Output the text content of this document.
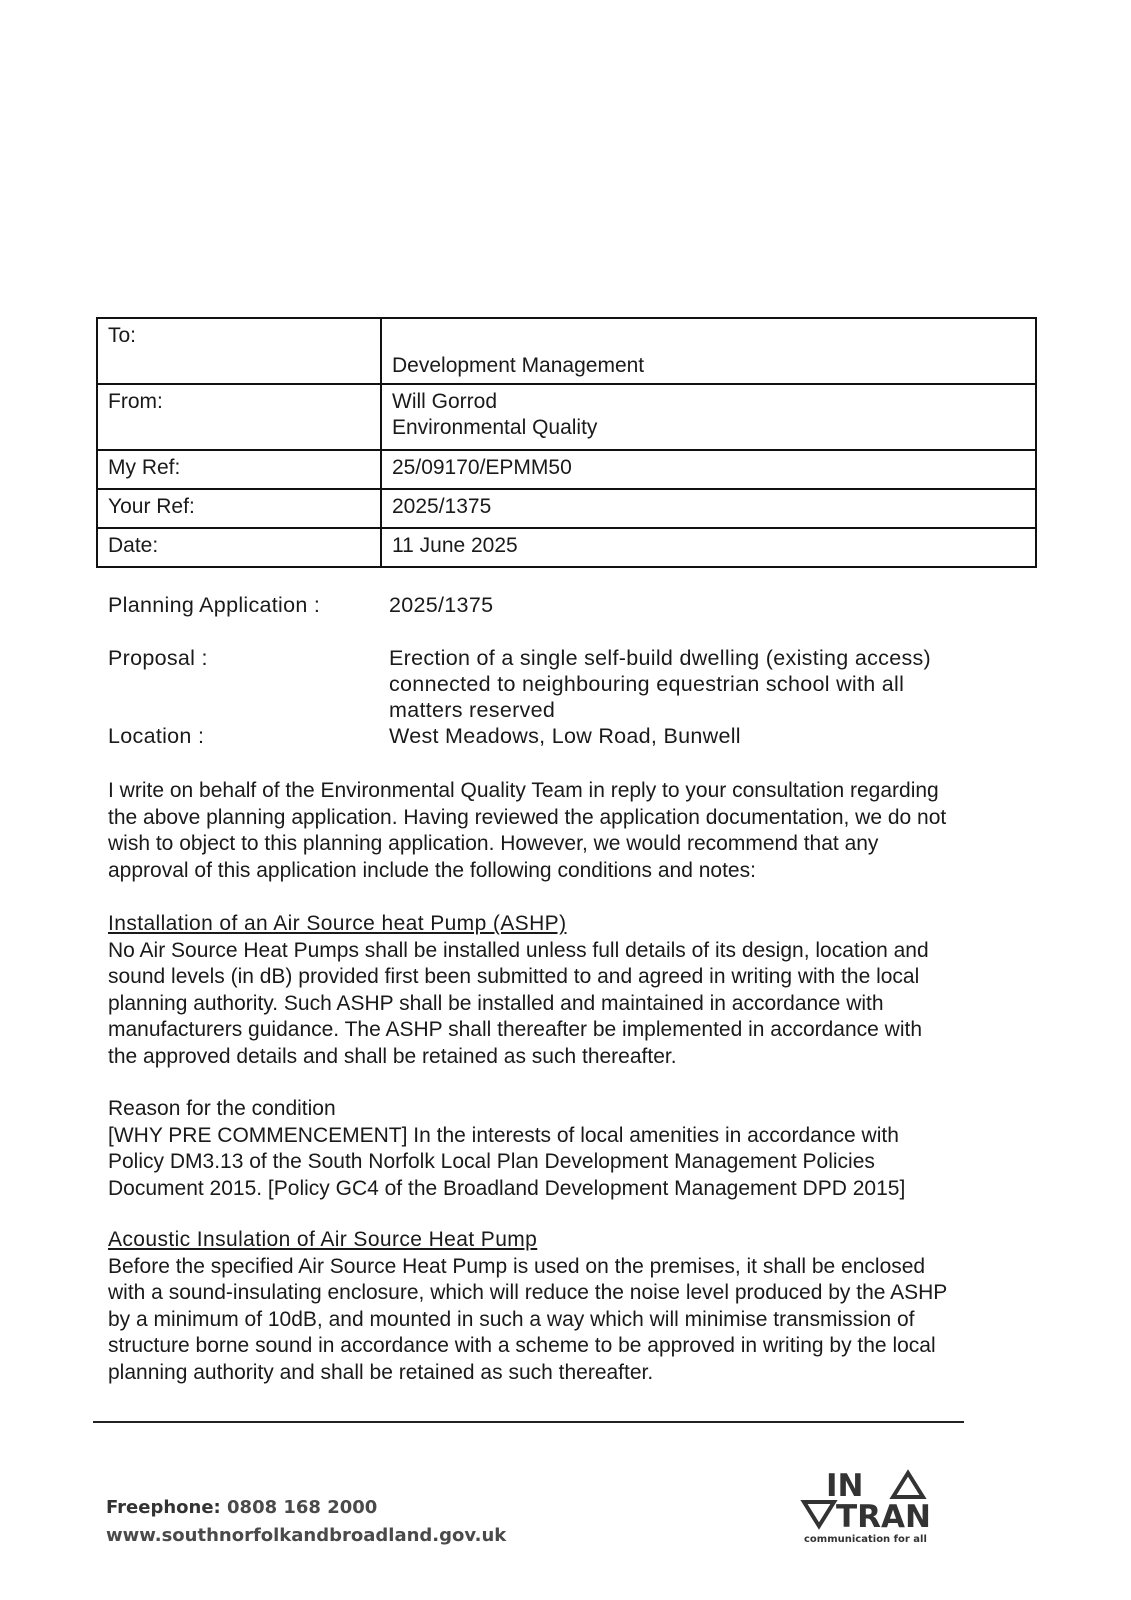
To:	Development Management
From:	Will Gorrod
Environmental Quality

My Ref:	25/09170/EPMM50
Your Ref:	2025/1375
Date:	11 June 2025
Planning Application :	2025/1375
Proposal :	Erection of a single self-build dwelling (existing access)
connected to neighbouring equestrian school with all
matters reserved
Location :	West Meadows, Low Road, Bunwell
I write on behalf of the Environmental Quality Team in reply to your consultation regarding
the above planning application. Having reviewed the application documentation, we do not
wish to object to this planning application. However, we would recommend that any
approval of this application include the following conditions and notes:
Installation of an Air Source heat Pump (ASHP)
No Air Source Heat Pumps shall be installed unless full details of its design, location and
sound levels (in dB) provided first been submitted to and agreed in writing with the local
planning authority. Such ASHP shall be installed and maintained in accordance with
manufacturers guidance. The ASHP shall thereafter be implemented in accordance with
the approved details and shall be retained as such thereafter.
Reason for the condition
[WHY PRE COMMENCEMENT] In the interests of local amenities in accordance with
Policy DM3.13 of the South Norfolk Local Plan Development Management Policies
Document 2015. [Policy GC4 of the Broadland Development Management DPD 2015]
Acoustic Insulation of Air Source Heat Pump
Before the specified Air Source Heat Pump is used on the premises, it shall be enclosed
with a sound-insulating enclosure, which will reduce the noise level produced by the ASHP
by a minimum of 10dB, and mounted in such a way which will minimise transmission of
structure borne sound in accordance with a scheme to be approved in writing by the local
planning authority and shall be retained as such thereafter.
Freephone: 0808 168 2000
www.southnorfolkandbroadland.gov.uk
IN
TRAN
communication for all
